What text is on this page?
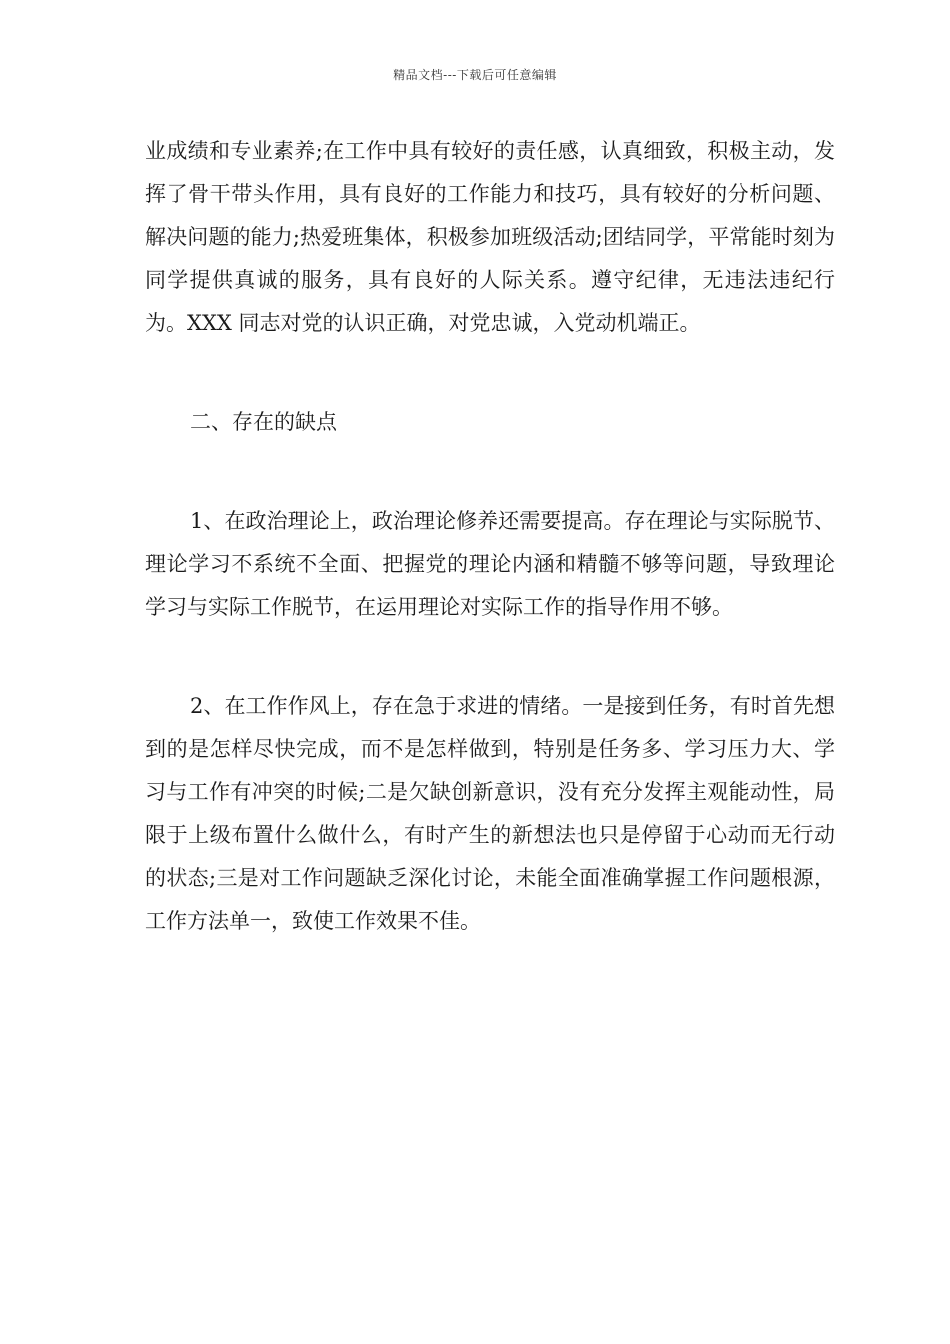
精品文档---下载后可任意编辑

业成绩和专业素养;在工作中具有较好的责任感，认真细致，积极主动，发挥了骨干带头作用，具有良好的工作能力和技巧，具有较好的分析问题、解决问题的能力;热爱班集体，积极参加班级活动;团结同学，平常能时刻为同学提供真诚的服务，具有良好的人际关系。遵守纪律，无违法违纪行为。XXX 同志对党的认识正确，对党忠诚，入党动机端正。

二、存在的缺点

1、在政治理论上，政治理论修养还需要提高。存在理论与实际脱节、理论学习不系统不全面、把握党的理论内涵和精髓不够等问题，导致理论学习与实际工作脱节，在运用理论对实际工作的指导作用不够。

2、在工作作风上，存在急于求进的情绪。一是接到任务，有时首先想到的是怎样尽快完成，而不是怎样做到，特别是任务多、学习压力大、学习与工作有冲突的时候;二是欠缺创新意识，没有充分发挥主观能动性，局限于上级布置什么做什么，有时产生的新想法也只是停留于心动而无行动的状态;三是对工作问题缺乏深化讨论，未能全面准确掌握工作问题根源，工作方法单一，致使工作效果不佳。
